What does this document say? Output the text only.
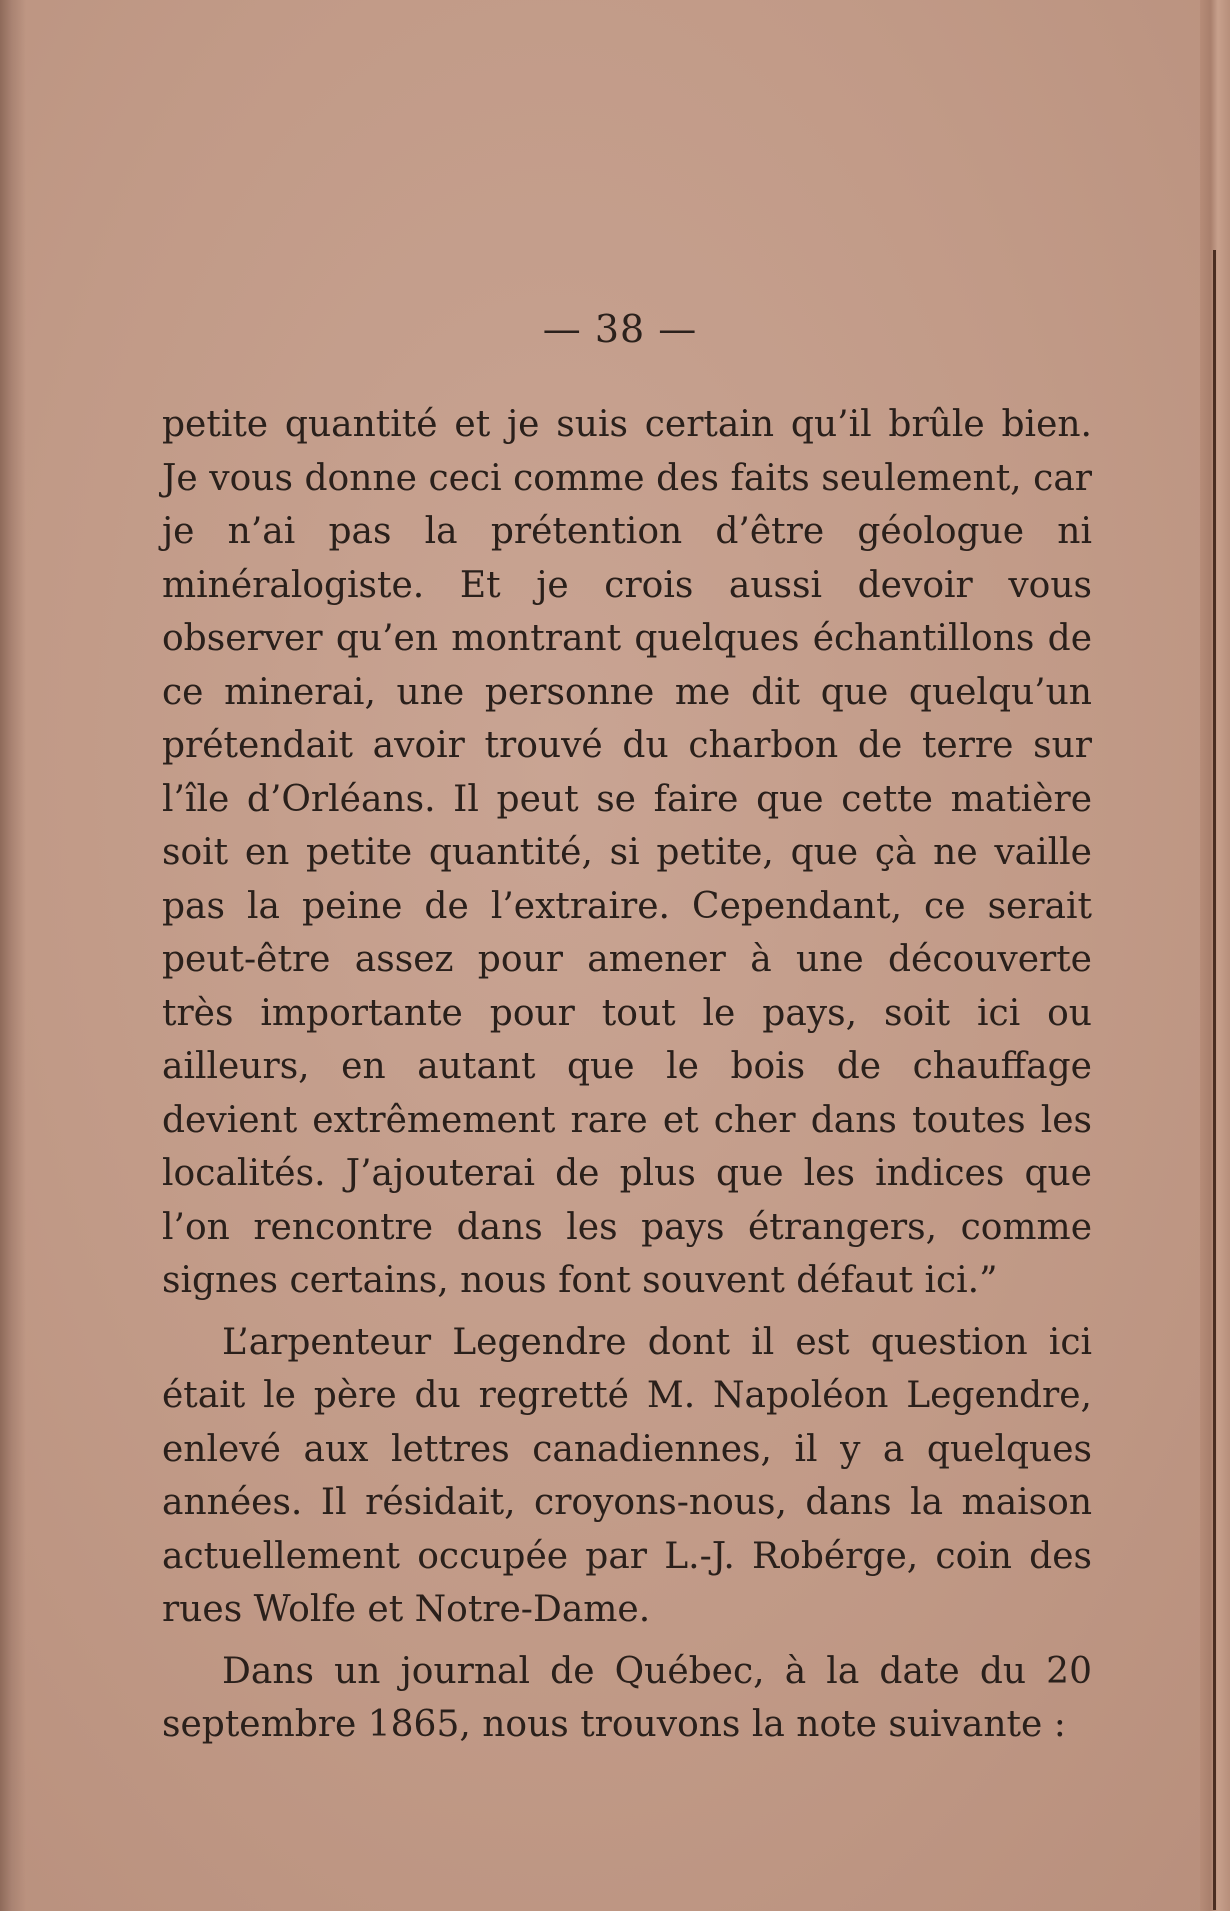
— 38 —

petite quantité et je suis certain qu’il brûle bien. Je vous donne ceci comme des faits seulement, car je n’ai pas la prétention d’être géologue ni minéralogiste. Et je crois aussi devoir vous observer qu’en montrant quelques échantillons de ce minerai, une personne me dit que quelqu’un prétendait avoir trouvé du charbon de terre sur l’île d’Orléans. Il peut se faire que cette matière soit en petite quantité, si petite, que çà ne vaille pas la peine de l’extraire. Cependant, ce serait peut-être assez pour amener à une découverte très importante pour tout le pays, soit ici ou ailleurs, en autant que le bois de chauffage devient extrêmement rare et cher dans toutes les localités. J’ajouterai de plus que les indices que l’on rencontre dans les pays étrangers, comme signes certains, nous font souvent défaut ici.”

L’arpenteur Legendre dont il est question ici était le père du regretté M. Napoléon Legendre, enlevé aux lettres canadiennes, il y a quelques années. Il résidait, croyons-nous, dans la maison actuellement occupée par L.-J. Robérge, coin des rues Wolfe et Notre-Dame.

Dans un journal de Québec, à la date du 20 septembre 1865, nous trouvons la note suivante :
